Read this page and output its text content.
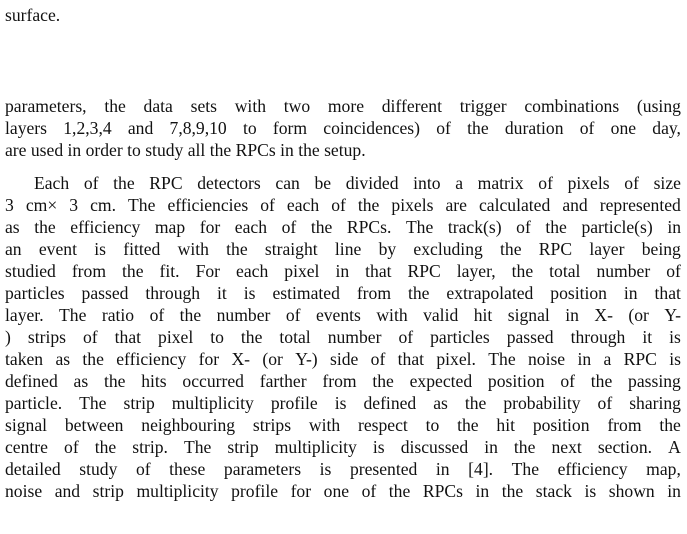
surface.
parameters, the data sets with two more different trigger combinations (using
layers 1,2,3,4 and 7,8,9,10 to form coincidences) of the duration of one day,
are used in order to study all the RPCs in the setup.
Each of the RPC detectors can be divided into a matrix of pixels of size
3 cm× 3 cm. The efficiencies of each of the pixels are calculated and represented
as the efficiency map for each of the RPCs. The track(s) of the particle(s) in
an event is fitted with the straight line by excluding the RPC layer being
studied from the fit. For each pixel in that RPC layer, the total number of
particles passed through it is estimated from the extrapolated position in that
layer. The ratio of the number of events with valid hit signal in X- (or Y-
) strips of that pixel to the total number of particles passed through it is
taken as the efficiency for X- (or Y-) side of that pixel. The noise in a RPC is
defined as the hits occurred farther from the expected position of the passing
particle. The strip multiplicity profile is defined as the probability of sharing
signal between neighbouring strips with respect to the hit position from the
centre of the strip. The strip multiplicity is discussed in the next section. A
detailed study of these parameters is presented in [4]. The efficiency map,
noise and strip multiplicity profile for one of the RPCs in the stack is shown in
